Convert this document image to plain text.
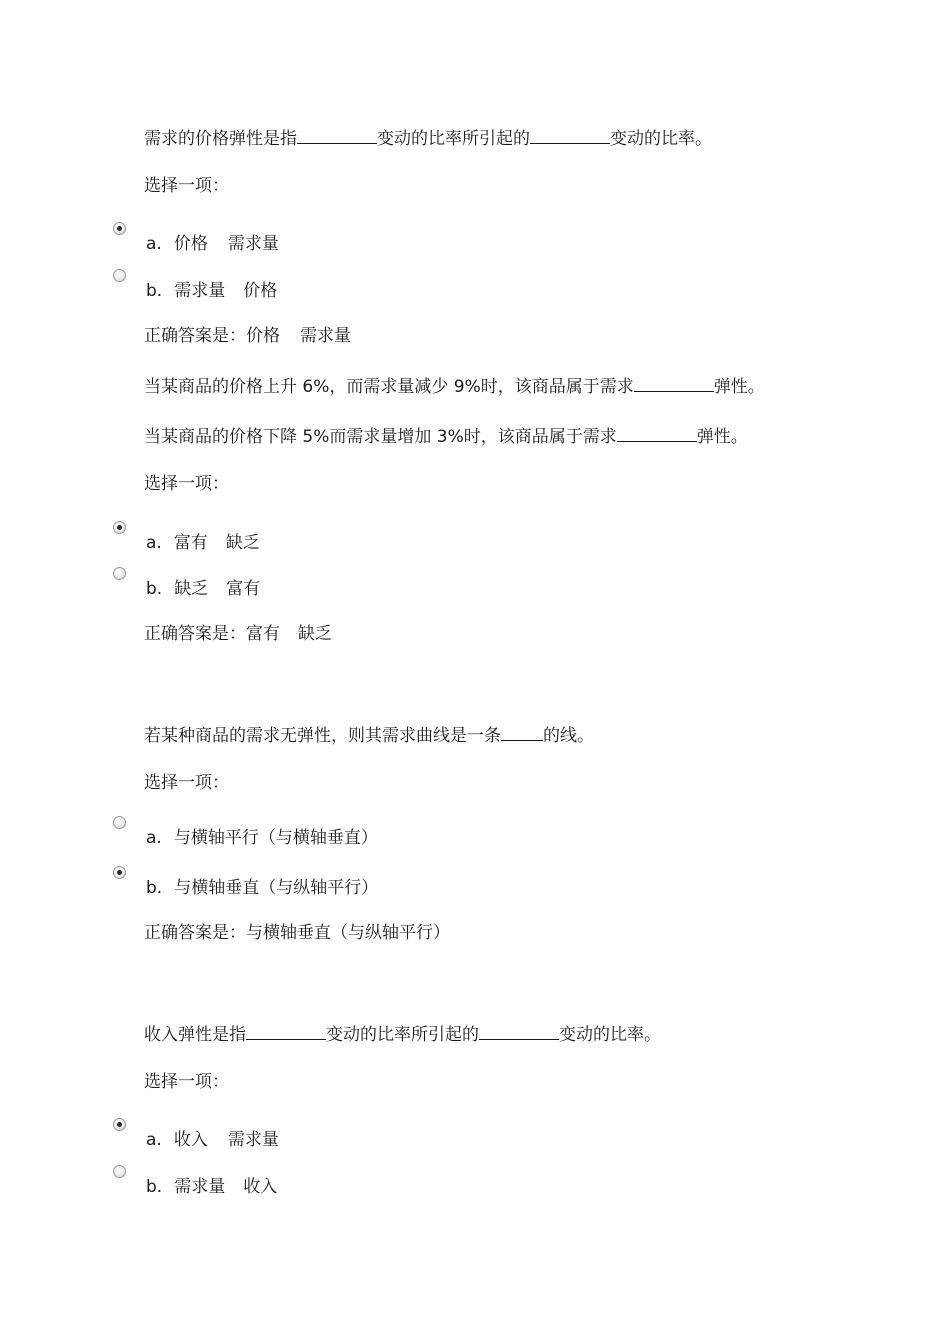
需求的价格弹性是指	变动的比率所引起的	变动的比率。
选择一项：
a. 价格 需求量
b. 需求量 价格
正确答案是：价格 需求量
当某商品的价格上升 6%，而需求量减少 9%时，该商品属于需求	弹性。
当某商品的价格下降 5%而需求量增加 3%时，该商品属于需求	弹性。
选择一项：
a. 富有 缺乏
b. 缺乏 富有
正确答案是：富有 缺乏
若某种商品的需求无弹性，则其需求曲线是一条 的线。
选择一项：
a. 与横轴平行（与横轴垂直）
b. 与横轴垂直（与纵轴平行）
正确答案是：与横轴垂直（与纵轴平行）
收入弹性是指	变动的比率所引起的	变动的比率。
选择一项：
a. 收入 需求量
b. 需求量 收入
